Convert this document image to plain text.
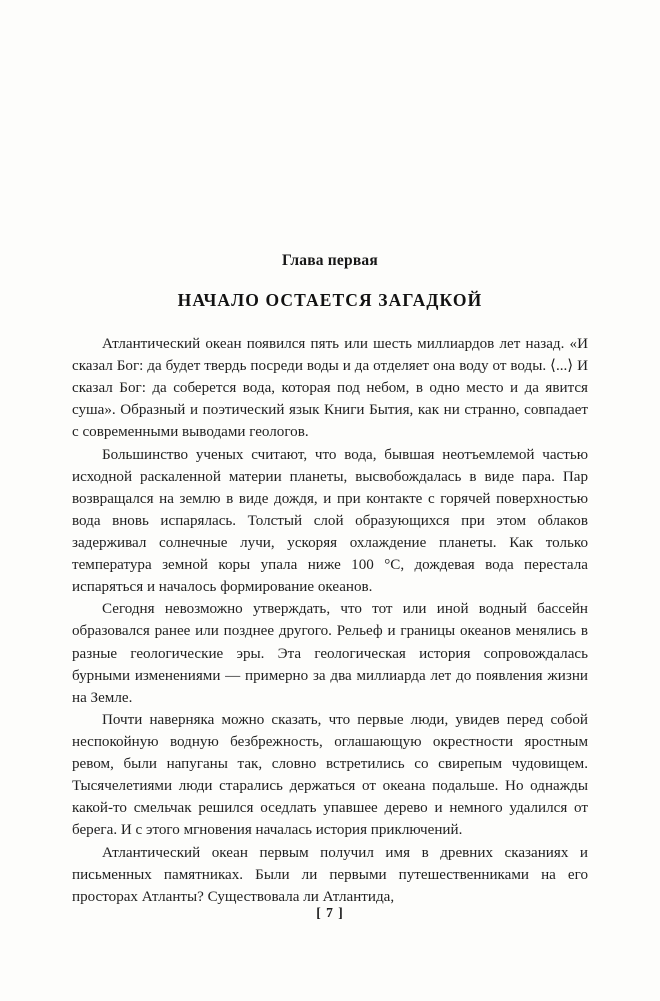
Глава первая
НАЧАЛО ОСТАЕТСЯ ЗАГАДКОЙ

Атлантический океан появился пять или шесть миллиардов лет назад. «И сказал Бог: да будет твердь посреди воды и да отделяет она воду от воды. ⟨...⟩ И сказал Бог: да соберется вода, которая под небом, в одно место и да явится суша». Образный и поэтический язык Книги Бытия, как ни странно, совпадает с современными выводами геологов.

Большинство ученых считают, что вода, бывшая неотъемлемой частью исходной раскаленной материи планеты, высвобождалась в виде пара. Пар возвращался на землю в виде дождя, и при контакте с горячей поверхностью вода вновь испарялась. Толстый слой образующихся при этом облаков задерживал солнечные лучи, ускоряя охлаждение планеты. Как только температура земной коры упала ниже 100 °C, дождевая вода перестала испаряться и началось формирование океанов.

Сегодня невозможно утверждать, что тот или иной водный бассейн образовался ранее или позднее другого. Рельеф и границы океанов менялись в разные геологические эры. Эта геологическая история сопровождалась бурными изменениями — примерно за два миллиарда лет до появления жизни на Земле.

Почти наверняка можно сказать, что первые люди, увидев перед собой неспокойную водную безбрежность, оглашающую окрестности яростным ревом, были напуганы так, словно встретились со свирепым чудовищем. Тысячелетиями люди старались держаться от океана подальше. Но однажды какой-то смельчак решился оседлать упавшее дерево и немного удалился от берега. И с этого мгновения началась история приключений.

Атлантический океан первым получил имя в древних сказаниях и письменных памятниках. Были ли первыми путешественниками на его просторах Атланты? Существовала ли Атлантида,

[ 7 ]
